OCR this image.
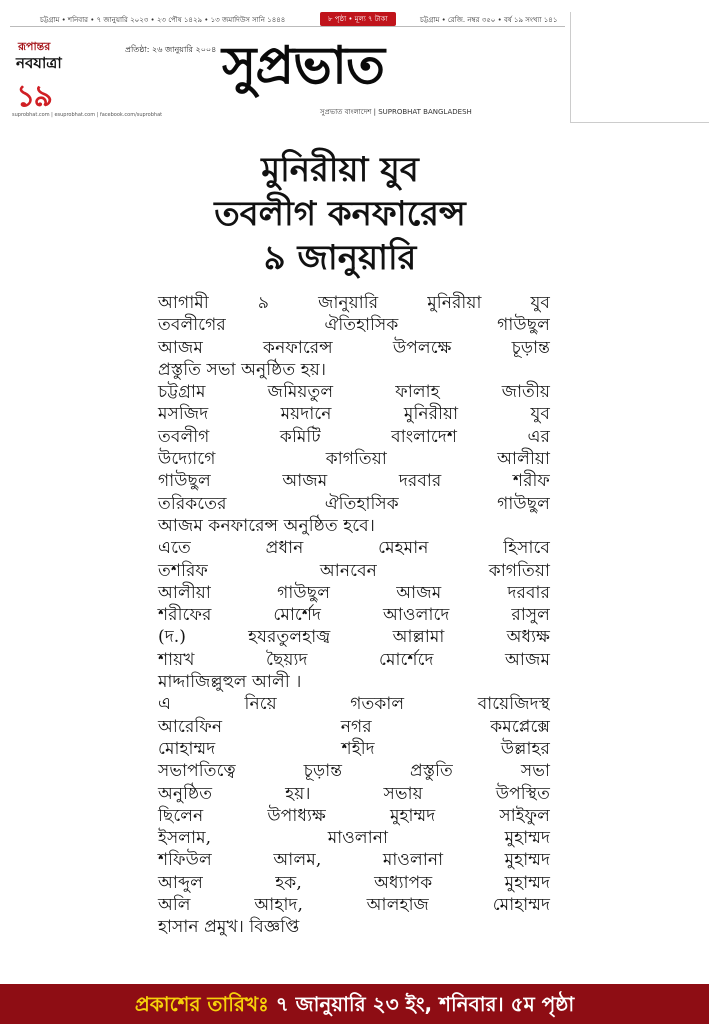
চট্টগ্রাম • শনিবার • ৭ জানুয়ারি ২০২৩ • ২৩ পৌষ ১৪২৯ • ১৩ জমাদিউস সানি ১৪৪৪	৮ পৃষ্ঠা • মূল্য ৭ টাকা	চট্টগ্রাম • রেজি. নম্বর ৩৫০ • বর্ষ ১৯ সংখ্যা ১৪১
রূপান্তর
নবযাত্রা
১৯
suprobhat.com | esuprobhat.com | facebook.com/suprobhat
প্রতিষ্ঠা: ২৬ জানুয়ারি ২০০৪ সুপ্রভাত
সুপ্রভাত বাংলাদেশ | SUPROBHAT BANGLADESH
মুনিরীয়া যুব
তবলীগ কনফারেন্স
৯ জানুয়ারি
আগামী ৯ জানুয়ারি মুনিরীয়া যুব
তবলীগের ঐতিহাসিক গাউছুল
আজম কনফারেন্স উপলক্ষে চূড়ান্ত
প্রস্তুতি সভা অনুষ্ঠিত হয়।
চট্টগ্রাম জমিয়তুল ফালাহ জাতীয়
মসজিদ ময়দানে মুনিরীয়া যুব
তবলীগ কমিটি বাংলাদেশ এর
উদ্যোগে কাগতিয়া আলীয়া
গাউছুল আজম দরবার শরীফ
তরিকতের ঐতিহাসিক গাউছুল
আজম কনফারেন্স অনুষ্ঠিত হবে।
এতে প্রধান মেহমান হিসাবে
তশরিফ আনবেন কাগতিয়া
আলীয়া গাউছুল আজম দরবার
শরীফের মোর্শেদ আওলাদে রাসুল
(দ.) হযরতুলহাজ্ব আল্লামা অধ্যক্ষ
শায়খ ছৈয়্যদ মোর্শেদে আজম
মাদ্দাজিল্লুহুল আলী ।
এ নিয়ে গতকাল বায়েজিদস্থ
আরেফিন নগর কমপ্লেক্সে
মোহাম্মদ শহীদ উল্লাহর
সভাপতিত্বে চূড়ান্ত প্রস্তুতি সভা
অনুষ্ঠিত হয়। সভায় উপস্থিত
ছিলেন উপাধ্যক্ষ মুহাম্মদ সাইফুল
ইসলাম, মাওলানা মুহাম্মদ
শফিউল আলম, মাওলানা মুহাম্মদ
আব্দুল হক, অধ্যাপক মুহাম্মদ
অলি আহাদ, আলহাজ মোহাম্মদ
হাসান প্রমুখ। বিজ্ঞপ্তি
প্রকাশের তারিখঃ ৭ জানুয়ারি ২৩ ইং, শনিবার। ৫ম পৃষ্ঠা
